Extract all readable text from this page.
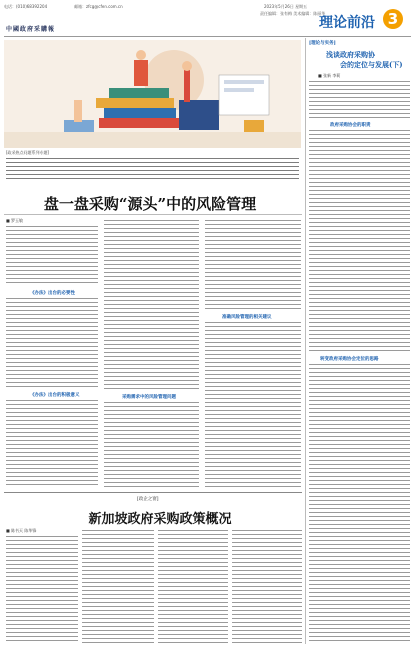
电话：(010)68392204	邮箱：zfcg@cfen.com.cn	2023年5月26日 星期五
责任编辑：张有梅 美术编辑：陈丽华
中國政府采購報	理论前沿 3
[政采热点问题系列专题]
盘一盘采购“源头”中的风险管理
■ 罗玉敏
《办法》出台的必要性
《办法》出台的积极意义	采购需求中的风险管理问题
准确风险管理的相关建议
[政企之窗]
新加坡政府采购政策概况
■ 陈书天 陈华锋
[理论与实务]
浅谈政府采购协
会的定位与发展(下)
■ 张新 李莉
政府采购协会的职责
转变政府采购协会定位的思路
